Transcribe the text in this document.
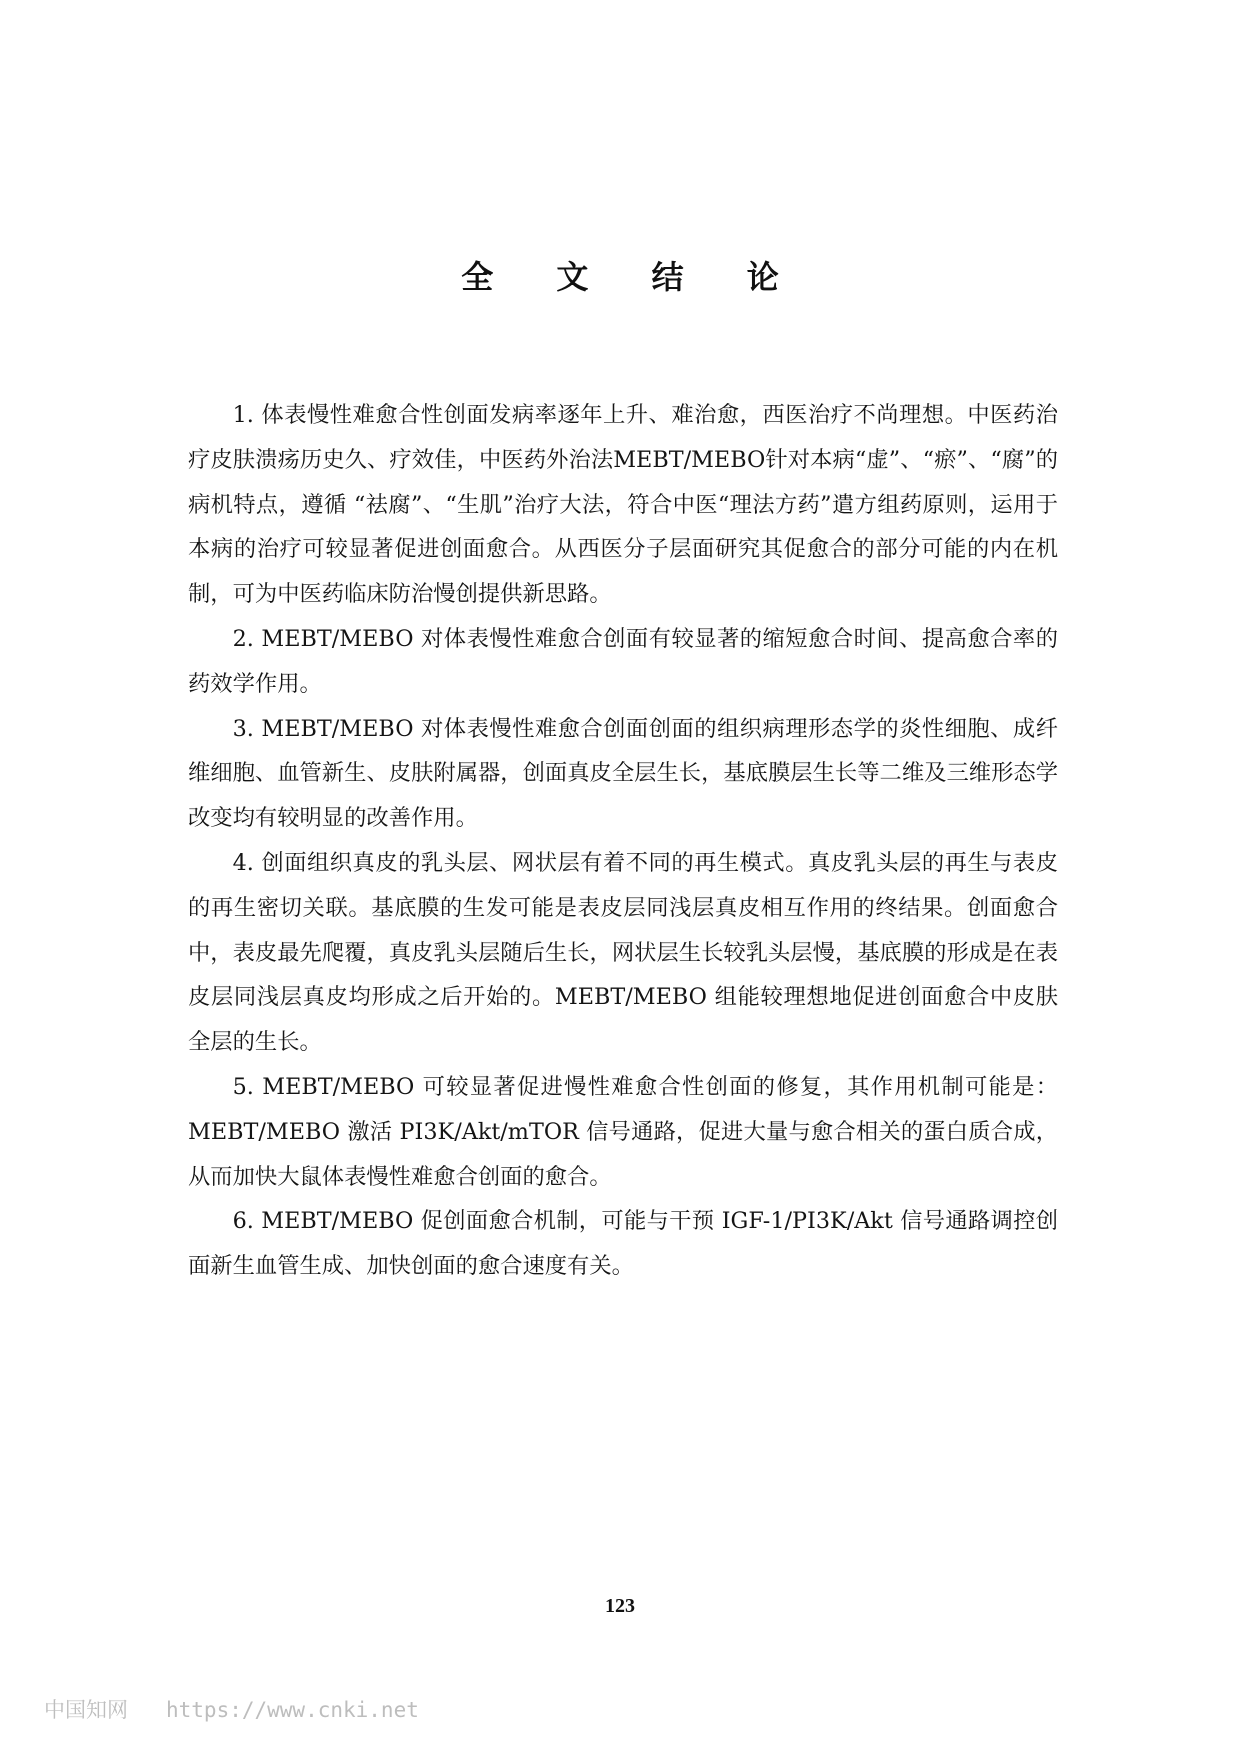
全 文 结 论

1. 体表慢性难愈合性创面发病率逐年上升、难治愈，西医治疗不尚理想。中医药治疗皮肤溃疡历史久、疗效佳，中医药外治法MEBT/MEBO针对本病“虚”、“瘀”、“腐”的病机特点，遵循 “祛腐”、“生肌”治疗大法，符合中医“理法方药”遣方组药原则，运用于本病的治疗可较显著促进创面愈合。从西医分子层面研究其促愈合的部分可能的内在机制，可为中医药临床防治慢创提供新思路。

2. MEBT/MEBO 对体表慢性难愈合创面有较显著的缩短愈合时间、提高愈合率的药效学作用。

3. MEBT/MEBO 对体表慢性难愈合创面创面的组织病理形态学的炎性细胞、成纤维细胞、血管新生、皮肤附属器，创面真皮全层生长，基底膜层生长等二维及三维形态学改变均有较明显的改善作用。

4. 创面组织真皮的乳头层、网状层有着不同的再生模式。真皮乳头层的再生与表皮的再生密切关联。基底膜的生发可能是表皮层同浅层真皮相互作用的终结果。创面愈合中，表皮最先爬覆，真皮乳头层随后生长，网状层生长较乳头层慢，基底膜的形成是在表皮层同浅层真皮均形成之后开始的。MEBT/MEBO 组能较理想地促进创面愈合中皮肤全层的生长。

5. MEBT/MEBO 可较显著促进慢性难愈合性创面的修复，其作用机制可能是：MEBT/MEBO 激活 PI3K/Akt/mTOR 信号通路，促进大量与愈合相关的蛋白质合成，从而加快大鼠体表慢性难愈合创面的愈合。

6. MEBT/MEBO 促创面愈合机制，可能与干预 IGF-1/PI3K/Akt 信号通路调控创面新生血管生成、加快创面的愈合速度有关。

123
中国知网 https://www.cnki.net
